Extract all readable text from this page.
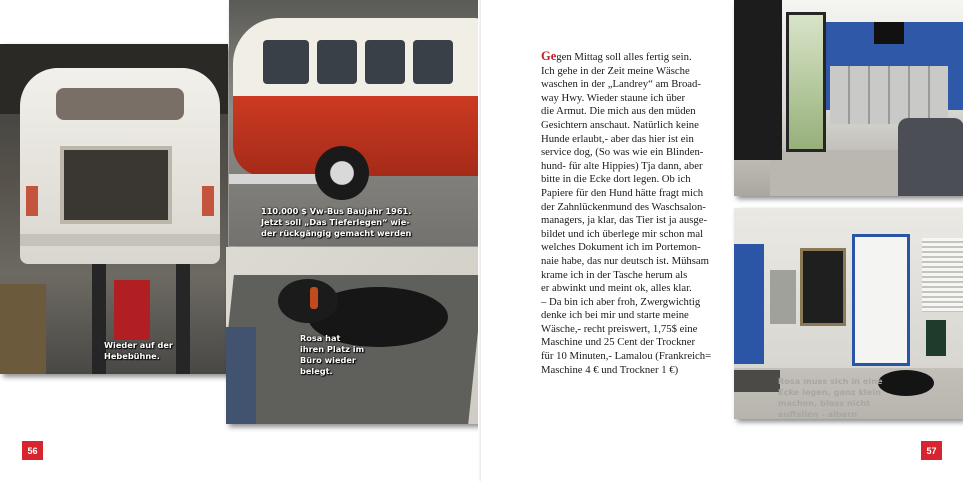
Wieder auf der
Hebebühne.
110.000 $ Vw-Bus Baujahr 1961.
Jetzt soll „Das Tieferlegen“ wie-
der rückgängig gemacht werden
Rosa hat
ihren Platz im
Büro wieder
belegt.
56
Gegen Mittag soll alles fertig sein.
Ich gehe in der Zeit meine Wäsche
waschen in der „Landrey“ am Broad-
way Hwy. Wieder staune ich über
die Armut. Die mich aus den müden
Gesichtern anschaut. Natürlich keine
Hunde erlaubt,- aber das hier ist ein
service dog, (So was wie ein Blinden-
hund- für alte Hippies) Tja dann, aber
bitte in die Ecke dort legen. Ob ich
Papiere für den Hund hätte fragt mich
der Zahnlückenmund des Waschsalon-
managers, ja klar, das Tier ist ja ausge-
bildet und ich überlege mir schon mal
welches Dokument ich im Portemon-
naie habe, das nur deutsch ist. Mühsam
krame ich in der Tasche herum als
er abwinkt und meint ok, alles klar.
– Da bin ich aber froh, Zwergwichtig
denke ich bei mir und starte meine
Wäsche,- recht preiswert, 1,75$ eine
Maschine und 25 Cent der Trockner
für 10 Minuten,- Lamalou (Frankreich=
Maschine 4 € und Trockner 1 €)
Rosa muss sich in eine
Ecke legen, ganz klein
machen, bloss nicht
auffallen - albern
57
